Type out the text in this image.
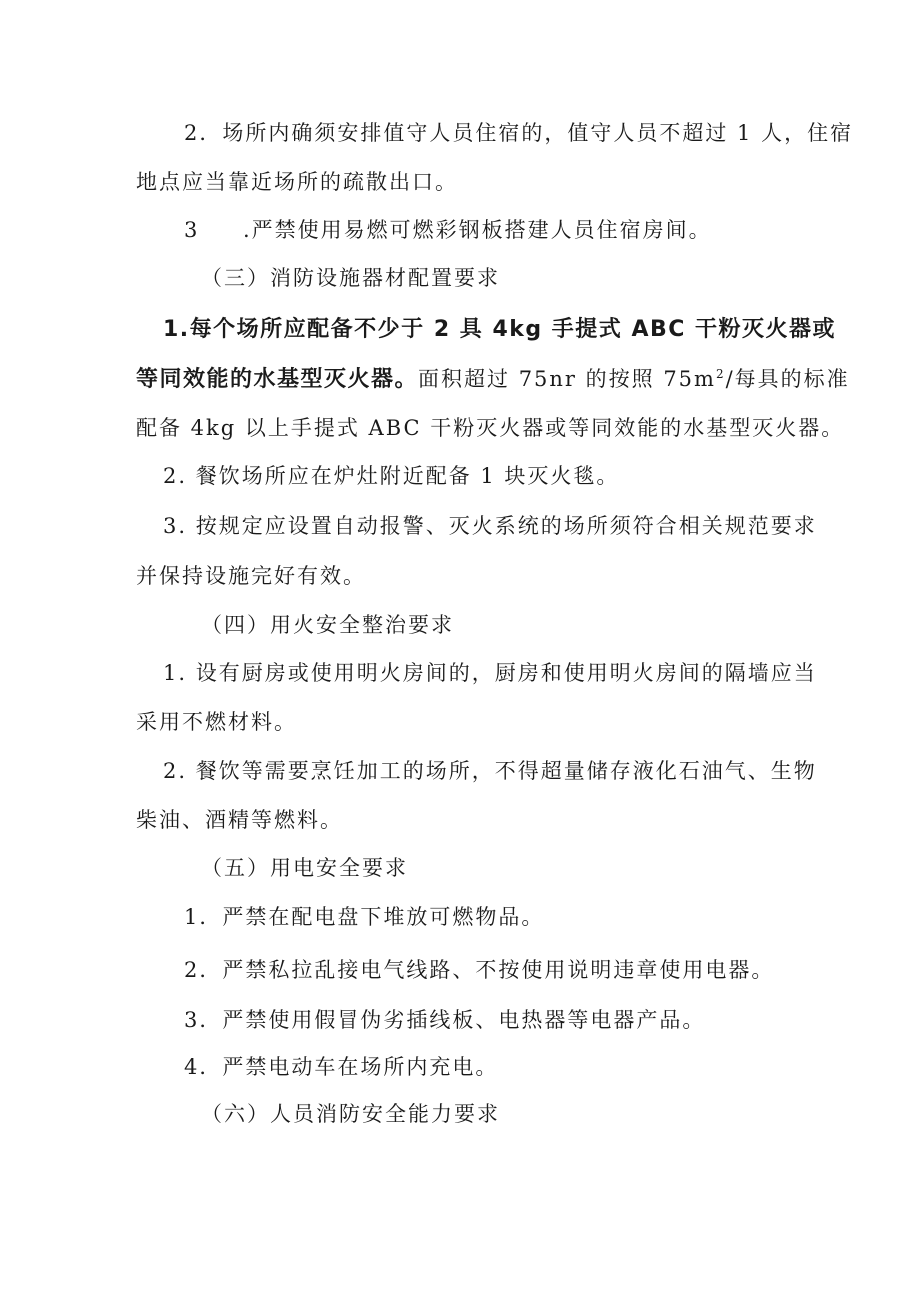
2．场所内确须安排值守人员住宿的，值守人员不超过 1 人，住宿
地点应当靠近场所的疏散出口。
3 .严禁使用易燃可燃彩钢板搭建人员住宿房间。
（三）消防设施器材配置要求
1.每个场所应配备不少于 2 具 4kg 手提式 ABC 干粉灭火器或
等同效能的水基型灭火器。面积超过 75nr 的按照 $75m^2/$每具的标准
配备 4kg 以上手提式 ABC 干粉灭火器或等同效能的水基型灭火器。
2. 餐饮场所应在炉灶附近配备 1 块灭火毯。
3. 按规定应设置自动报警、灭火系统的场所须符合相关规范要求
并保持设施完好有效。
（四）用火安全整治要求
1. 设有厨房或使用明火房间的，厨房和使用明火房间的隔墙应当
采用不燃材料。
2. 餐饮等需要烹饪加工的场所，不得超量储存液化石油气、生物
柴油、酒精等燃料。
（五）用电安全要求
1．严禁在配电盘下堆放可燃物品。
2．严禁私拉乱接电气线路、不按使用说明违章使用电器。
3．严禁使用假冒伪劣插线板、电热器等电器产品。
4．严禁电动车在场所内充电。
（六）人员消防安全能力要求
